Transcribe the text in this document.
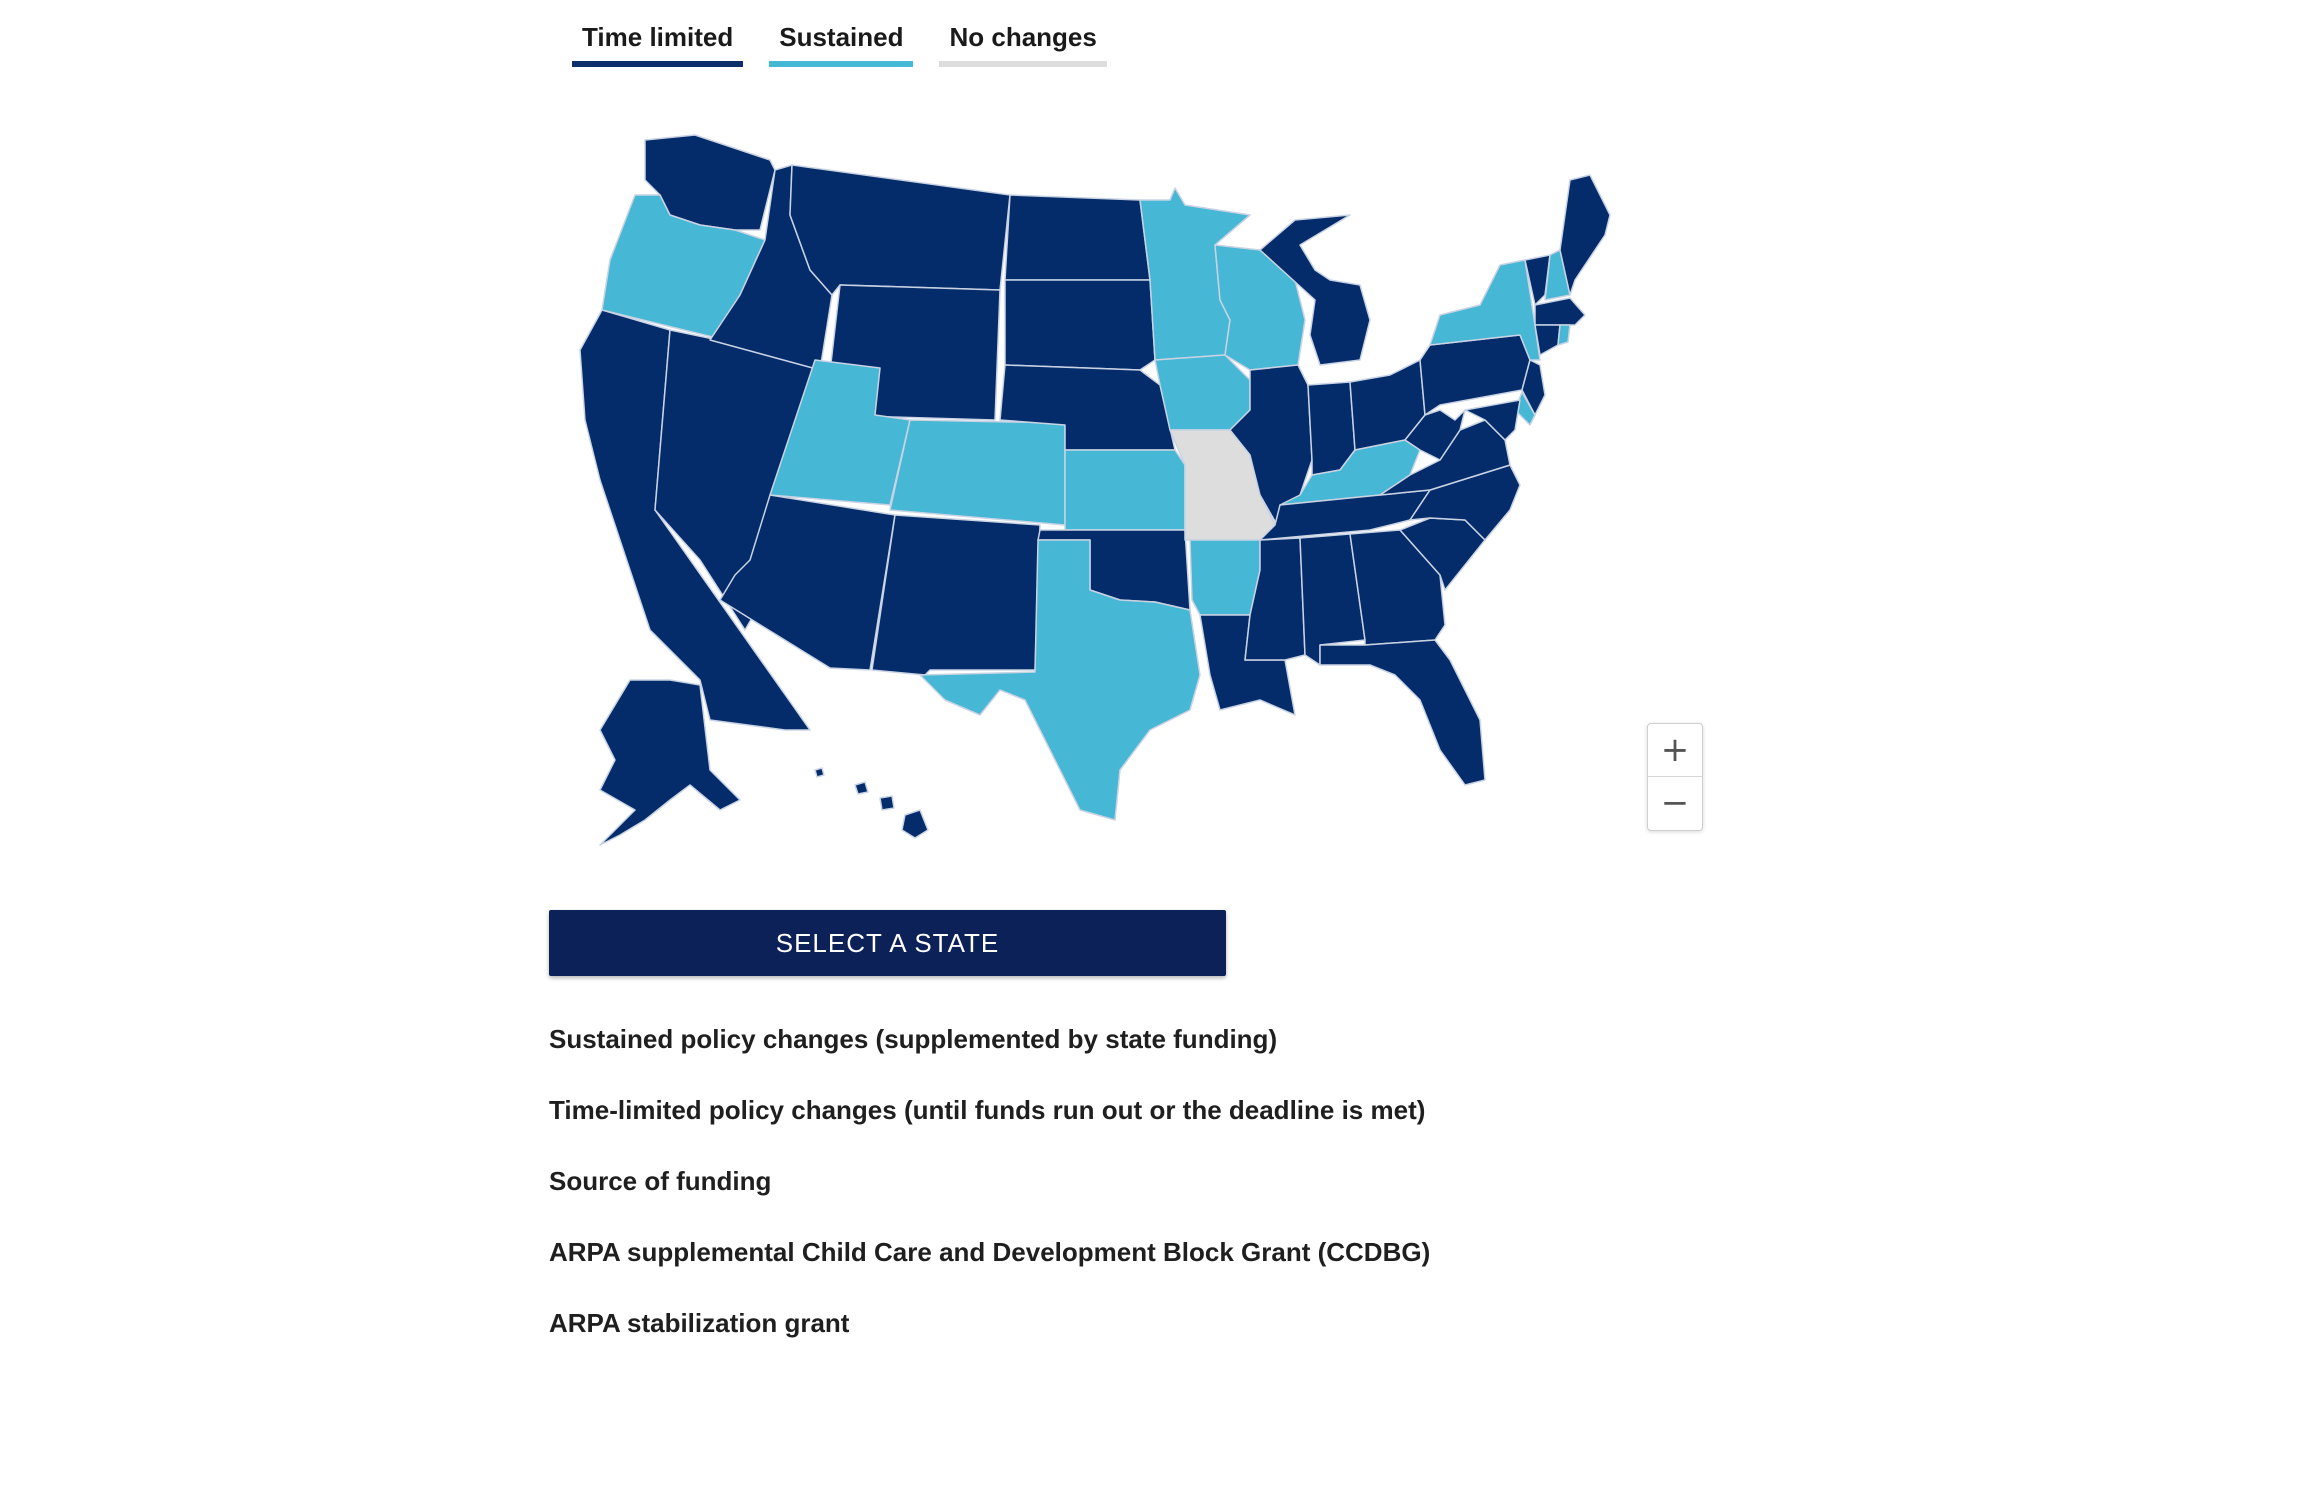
Time limited	Sustained	No changes
+
−
SELECT A STATE
Sustained policy changes (supplemented by state funding)
Time-limited policy changes (until funds run out or the deadline is met)
Source of funding
ARPA supplemental Child Care and Development Block Grant (CCDBG)
ARPA stabilization grant
